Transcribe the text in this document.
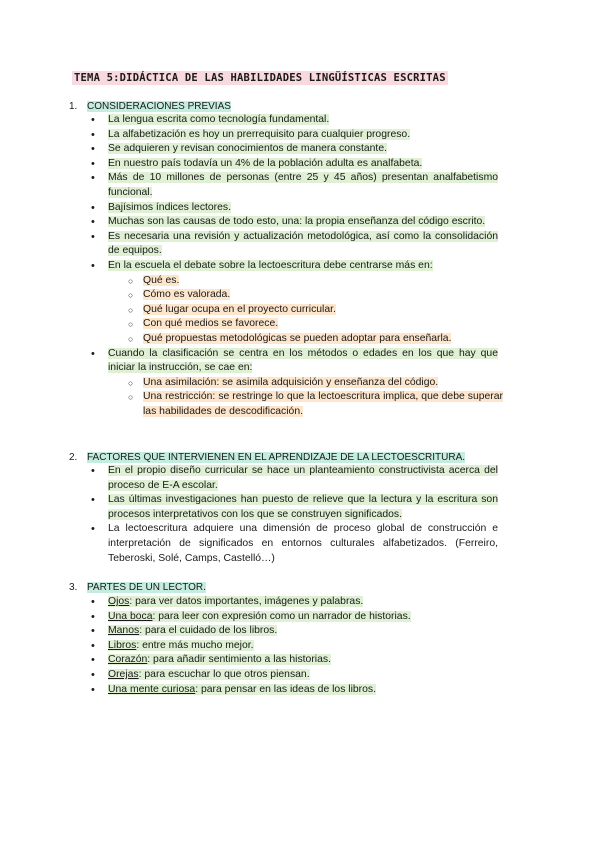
TEMA 5:DIDÁCTICA DE LAS HABILIDADES LINGÜÍSTICAS ESCRITAS
1. CONSIDERACIONES PREVIAS
• La lengua escrita como tecnología fundamental.
• La alfabetización es hoy un prerrequisito para cualquier progreso.
• Se adquieren y revisan conocimientos de manera constante.
• En nuestro país todavía un 4% de la población adulta es analfabeta.
• Más de 10 millones de personas (entre 25 y 45 años) presentan analfabetismo funcional.
• Bajísimos índices lectores.
• Muchas son las causas de todo esto, una: la propia enseñanza del código escrito.
• Es necesaria una revisión y actualización metodológica, así como la consolidación de equipos.
• En la escuela el debate sobre la lectoescritura debe centrarse más en:
○ Qué es.
○ Cómo es valorada.
○ Qué lugar ocupa en el proyecto curricular.
○ Con qué medios se favorece.
○ Qué propuestas metodológicas se pueden adoptar para enseñarla.
• Cuando la clasificación se centra en los métodos o edades en los que hay que iniciar la instrucción, se cae en:
○ Una asimilación: se asimila adquisición y enseñanza del código.
○ Una restricción: se restringe lo que la lectoescritura implica, que debe superar las habilidades de descodificación.
2. FACTORES QUE INTERVIENEN EN EL APRENDIZAJE DE LA LECTOESCRITURA.
• En el propio diseño curricular se hace un planteamiento constructivista acerca del proceso de E-A escolar.
• Las últimas investigaciones han puesto de relieve que la lectura y la escritura son procesos interpretativos con los que se construyen significados.
• La lectoescritura adquiere una dimensión de proceso global de construcción e interpretación de significados en entornos culturales alfabetizados. (Ferreiro, Teberoski, Solé, Camps, Castelló…)
3. PARTES DE UN LECTOR.
• Ojos: para ver datos importantes, imágenes y palabras.
• Una boca: para leer con expresión como un narrador de historias.
• Manos: para el cuidado de los libros.
• Libros: entre más mucho mejor.
• Corazón: para añadir sentimiento a las historias.
• Orejas: para escuchar lo que otros piensan.
• Una mente curiosa: para pensar en las ideas de los libros.
